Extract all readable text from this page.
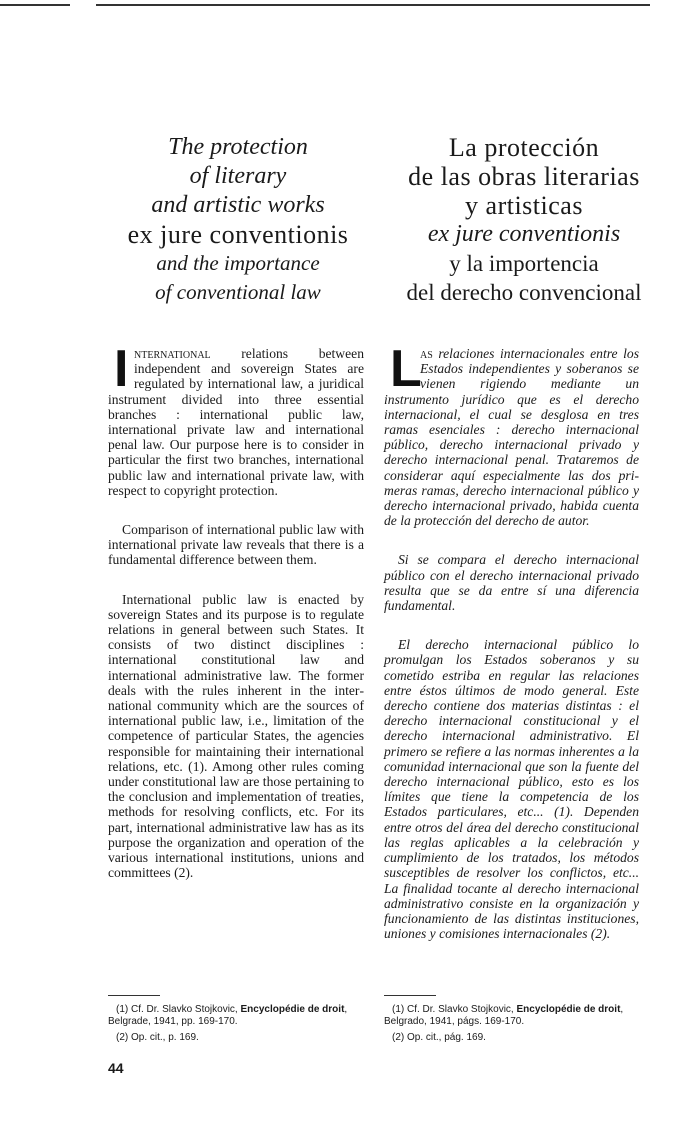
The protection
of literary
and artistic works
ex jure conventionis
and the importance
of conventional law
La protección
de las obras literarias
y artisticas
ex jure conventionis
y la importencia
del derecho convencional

International relations between independent and sovereign States are regulated by international law, a juridical instrument divided into three essential branches : international public law, international private law and international penal law. Our purpose here is to consider in particular the first two branches, international public law and international private law, with respect to copyright protection.

Comparison of international public law with international private law reveals that there is a fundamental difference between them.

International public law is enacted by sovereign States and its purpose is to regulate relations in general between such States. It consists of two distinct disciplines : international constitutional law and international administrative law. The former deals with the rules inherent in the international community which are the sources of international public law, i.e., limitation of the competence of particular States, the agencies responsible for maintaining their international relations, etc. (1). Among other rules coming under constitutional law are those pertaining to the conclusion and implementation of treaties, methods for resolving conflicts, etc. For its part, international administrative law has as its purpose the organization and operation of the various international institutions, unions and committees (2).

L
as relaciones internacionales entre los Estados independientes y soberanos se vienen rigiendo mediante un instrumento jurídico que es el derecho internacional, el cual se desglosa en tres ramas esenciales : derecho internacional público, derecho internacional privado y derecho internacional penal. Trataremos de considerar aquí especialmente las dos primeras ramas, derecho internacional público y derecho internacional privado, habida cuenta de la protección del derecho de autor.

Si se compara el derecho internacional público con el derecho internacional privado resulta que se da entre sí una diferencia fundamental.

El derecho internacional público lo promulgan los Estados soberanos y su cometido estriba en regular las relaciones entre éstos últimos de modo general. Este derecho contiene dos materias distintas : el derecho internacional constitucional y el derecho internacional administrativo. El primero se refiere a las normas inherentes a la comunidad internacional que son la fuente del derecho internacional público, esto es los límites que tiene la competencia de los Estados particulares, etc... (1). Dependen entre otros del área del derecho constitucional las reglas aplicables a la celebración y cumplimiento de los tratados, los métodos susceptibles de resolver los conflictos, etc... La finalidad tocante al derecho internacional administrativo consiste en la organización y funcionamiento de las distintas instituciones, uniones y comisiones internacionales (2).

(1) Cf. Dr. Slavko Stojkovic, Encyclopédie de droit, Belgrade, 1941, pp. 169-170.

(2) Op. cit., p. 169.

(1) Cf. Dr. Slavko Stojkovic, Encyclopédie de droit, Belgrado, 1941, págs. 169-170.

(2) Op. cit., pág. 169.

44
